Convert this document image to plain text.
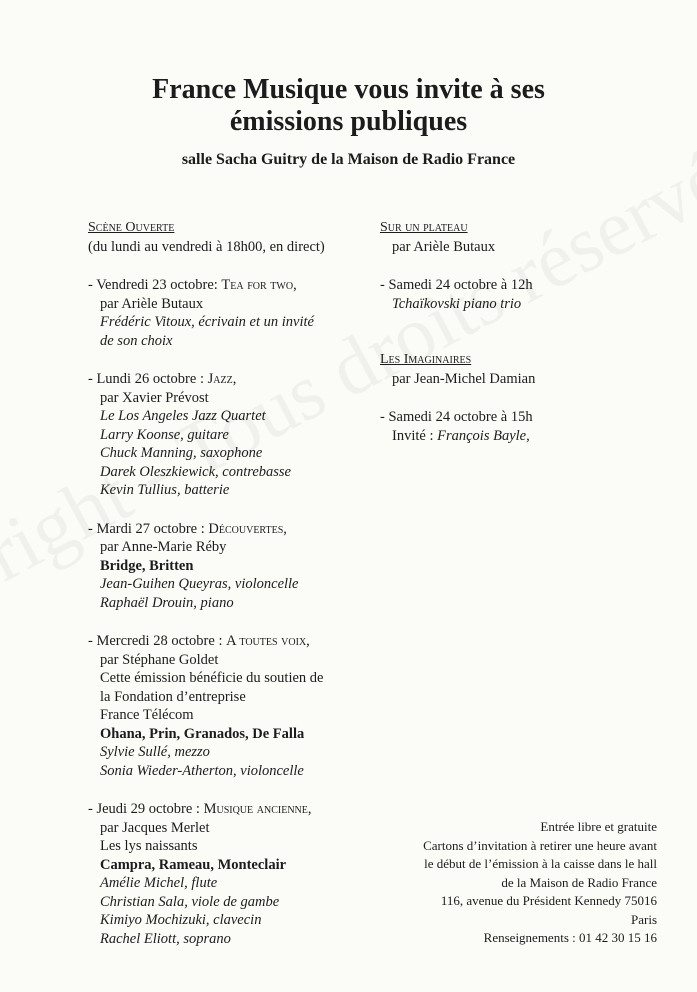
France Musique vous invite à ses
émissions publiques
salle Sacha Guitry de la Maison de Radio France
Scène Ouverte
(du lundi au vendredi à 18h00, en direct)
- Vendredi 23 octobre: Tea for two,
par Arièle Butaux
Frédéric Vitoux, écrivain et un invité
de son choix
- Lundi 26 octobre : Jazz,
par Xavier Prévost
Le Los Angeles Jazz Quartet
Larry Koonse, guitare
Chuck Manning, saxophone
Darek Oleszkiewick, contrebasse
Kevin Tullius, batterie
- Mardi 27 octobre : Découvertes,
par Anne-Marie Réby
Bridge, Britten
Jean-Guihen Queyras, violoncelle
Raphaël Drouin, piano
- Mercredi 28 octobre : A toutes voix,
par Stéphane Goldet
Cette émission bénéficie du soutien de
la Fondation d’entreprise
France Télécom
Ohana, Prin, Granados, De Falla
Sylvie Sullé, mezzo
Sonia Wieder-Atherton, violoncelle
- Jeudi 29 octobre : Musique ancienne,
par Jacques Merlet
Les lys naissants
Campra, Rameau, Monteclair
Amélie Michel, flute
Christian Sala, viole de gambe
Kimiyo Mochizuki, clavecin
Rachel Eliott, soprano
Sur un plateau
par Arièle Butaux
- Samedi 24 octobre à 12h
Tchaïkovski piano trio
Les Imaginaires
par Jean-Michel Damian
- Samedi 24 octobre à 15h
Invité : François Bayle,
Entrée libre et gratuite
Cartons d’invitation à retirer une heure avant
le début de l’émission à la caisse dans le hall
de la Maison de Radio France
116, avenue du Président Kennedy 75016
Paris
Renseignements : 01 42 30 15 16
